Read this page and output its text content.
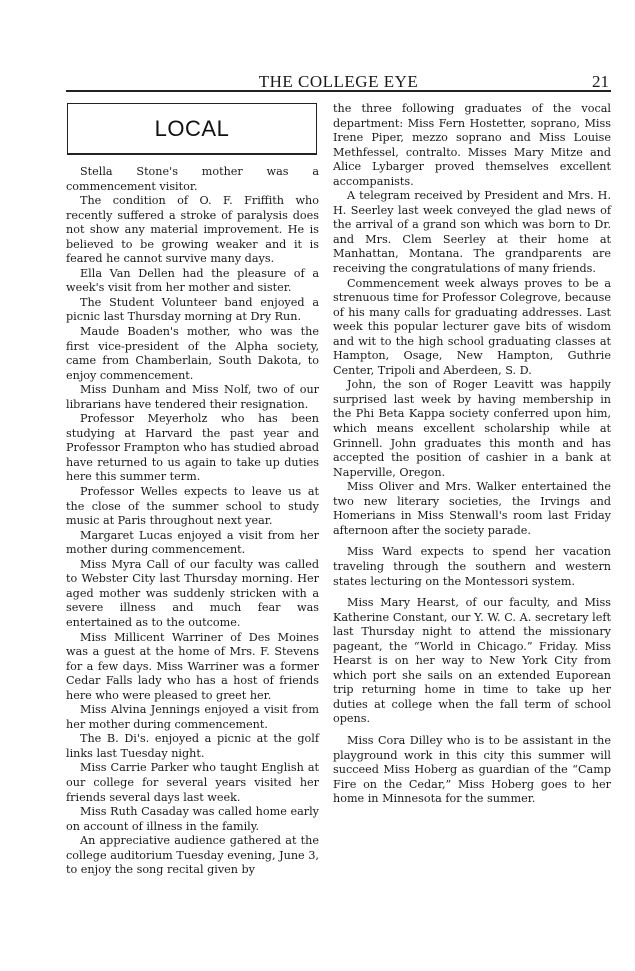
THE COLLEGE EYE	21
LOCAL

Stella Stone's mother was a commencement visitor.

The condition of O. F. Friffith who recently suffered a stroke of paralysis does not show any material improvement. He is believed to be growing weaker and it is feared he cannot survive many days.

Ella Van Dellen had the pleasure of a week's visit from her mother and sister.

The Student Volunteer band enjoyed a picnic last Thursday morning at Dry Run.

Maude Boaden's mother, who was the first vice-president of the Alpha society, came from Chamberlain, South Dakota, to enjoy commencement.

Miss Dunham and Miss Nolf, two of our librarians have tendered their resignation.

Professor Meyerholz who has been studying at Harvard the past year and Professor Frampton who has studied abroad have returned to us again to take up duties here this summer term.

Professor Welles expects to leave us at the close of the summer school to study music at Paris throughout next year.

Margaret Lucas enjoyed a visit from her mother during commencement.

Miss Myra Call of our faculty was called to Webster City last Thursday morning. Her aged mother was suddenly stricken with a severe illness and much fear was entertained as to the outcome.

Miss Millicent Warriner of Des Moines was a guest at the home of Mrs. F. Stevens for a few days. Miss Warriner was a former Cedar Falls lady who has a host of friends here who were pleased to greet her.

Miss Alvina Jennings enjoyed a visit from her mother during commencement.

The B. Di's. enjoyed a picnic at the golf links last Tuesday night.

Miss Carrie Parker who taught English at our college for several years visited her friends several days last week.

Miss Ruth Casaday was called home early on account of illness in the family.

An appreciative audience gathered at the college auditorium Tuesday evening, June 3, to enjoy the song recital given by

the three following graduates of the vocal department: Miss Fern Hostetter, soprano, Miss Irene Piper, mezzo soprano and Miss Louise Methfessel, contralto. Misses Mary Mitze and Alice Lybarger proved themselves excellent accompanists.

A telegram received by President and Mrs. H. H. Seerley last week conveyed the glad news of the arrival of a grand son which was born to Dr. and Mrs. Clem Seerley at their home at Manhattan, Montana. The grandparents are receiving the congratulations of many friends.

Commencement week always proves to be a strenuous time for Professor Colegrove, because of his many calls for graduating addresses. Last week this popular lecturer gave bits of wisdom and wit to the high school graduating classes at Hampton, Osage, New Hampton, Guthrie Center, Tripoli and Aberdeen, S. D.

John, the son of Roger Leavitt was happily surprised last week by having membership in the Phi Beta Kappa society conferred upon him, which means excellent scholarship while at Grinnell. John graduates this month and has accepted the position of cashier in a bank at Naperville, Oregon.

Miss Oliver and Mrs. Walker entertained the two new literary societies, the Irvings and Homerians in Miss Stenwall's room last Friday afternoon after the society parade.

Miss Ward expects to spend her vacation traveling through the southern and western states lecturing on the Montessori system.

Miss Mary Hearst, of our faculty, and Miss Katherine Constant, our Y. W. C. A. secretary left last Thursday night to attend the missionary pageant, the “World in Chicago.” Friday. Miss Hearst is on her way to New York City from which port she sails on an extended Euporean trip returning home in time to take up her duties at college when the fall term of school opens.

Miss Cora Dilley who is to be assistant in the playground work in this city this summer will succeed Miss Hoberg as guardian of the “Camp Fire on the Cedar,” Miss Hoberg goes to her home in Minnesota for the summer.
